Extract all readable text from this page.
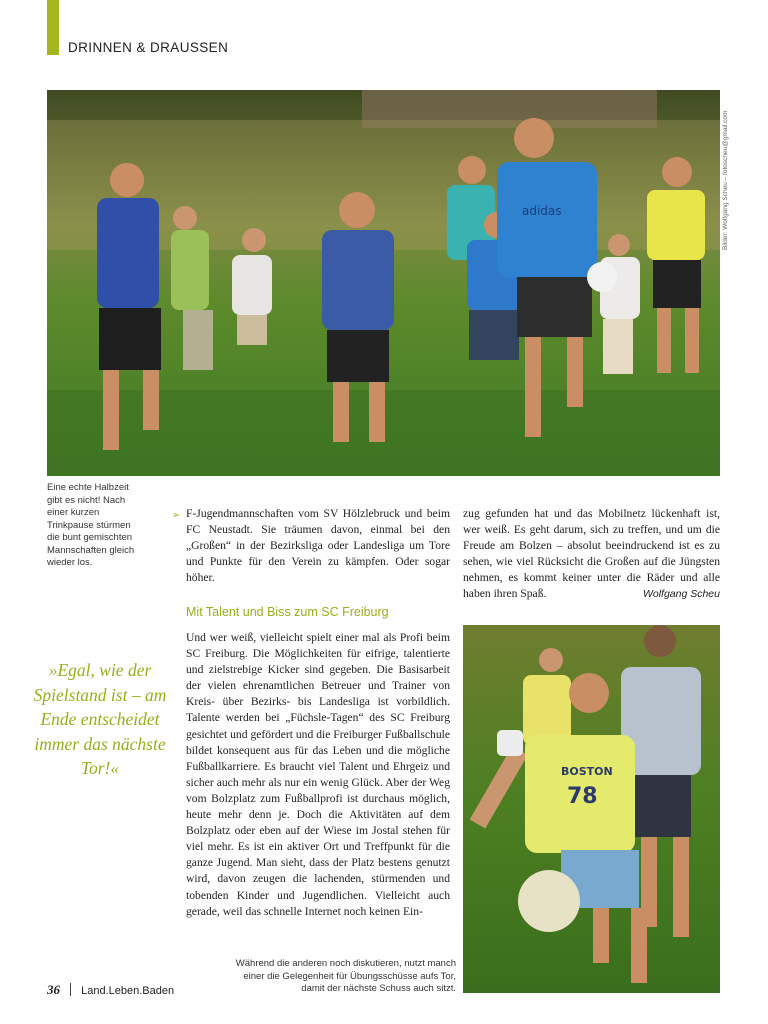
DRINNEN & DRAUSSEN
adidas	Bilder: Wolfgang Scheu – fotoscheu@gmail.com
Eine echte Halbzeit gibt es nicht! Nach einer kurzen Trinkpause stürmen die bunt gemischten Mannschaften gleich wieder los.
➢ F-Jugendmannschaften vom SV Hölzlebruck und beim FC Neustadt. Sie träumen davon, einmal bei den „Großen“ in der Bezirksliga oder Landesliga um Tore und Punkte für den Verein zu kämpfen. Oder sogar höher.
Mit Talent und Biss zum SC Freiburg
Und wer weiß, vielleicht spielt einer mal als Profi beim SC Freiburg. Die Möglichkeiten für eifrige, talentierte und zielstrebige Kicker sind gegeben. Die Basisarbeit der vielen ehrenamtlichen Betreuer und Trainer von Kreis- über Bezirks- bis Landesliga ist vorbildlich. Talente werden bei „Füchsle-Tagen“ des SC Freiburg gesichtet und gefördert und die Freiburger Fußballschule bildet konsequent aus für das Leben und die mögliche Fußballkarriere. Es braucht viel Talent und Ehrgeiz und sicher auch mehr als nur ein wenig Glück. Aber der Weg vom Bolzplatz zum Fußballprofi ist durchaus möglich, heute mehr denn je. Doch die Aktivitäten auf dem Bolzplatz oder eben auf der Wiese im Jostal stehen für viel mehr. Es ist ein aktiver Ort und Treffpunkt für die ganze Jugend. Man sieht, dass der Platz bestens genutzt wird, davon zeugen die lachenden, stürmenden und tobenden Kinder und Jugendlichen. Vielleicht auch gerade, weil das schnelle Internet noch keinen Ein-
zug gefunden hat und das Mobilnetz lückenhaft ist, wer weiß. Es geht darum, sich zu treffen, und um die Freude am Bolzen – absolut beeindruckend ist es zu sehen, wie viel Rücksicht die Großen auf die Jüngsten nehmen, es kommt keiner unter die Räder und alle haben ihren Spaß.	Wolfgang Scheu
»Egal, wie der Spielstand ist – am Ende entscheidet immer das nächste Tor!«	BOSTON
78
Während die anderen noch diskutieren, nutzt manch einer die Gelegenheit für Übungsschüsse aufs Tor, damit der nächste Schuss auch sitzt.
36 Land.Leben.Baden
